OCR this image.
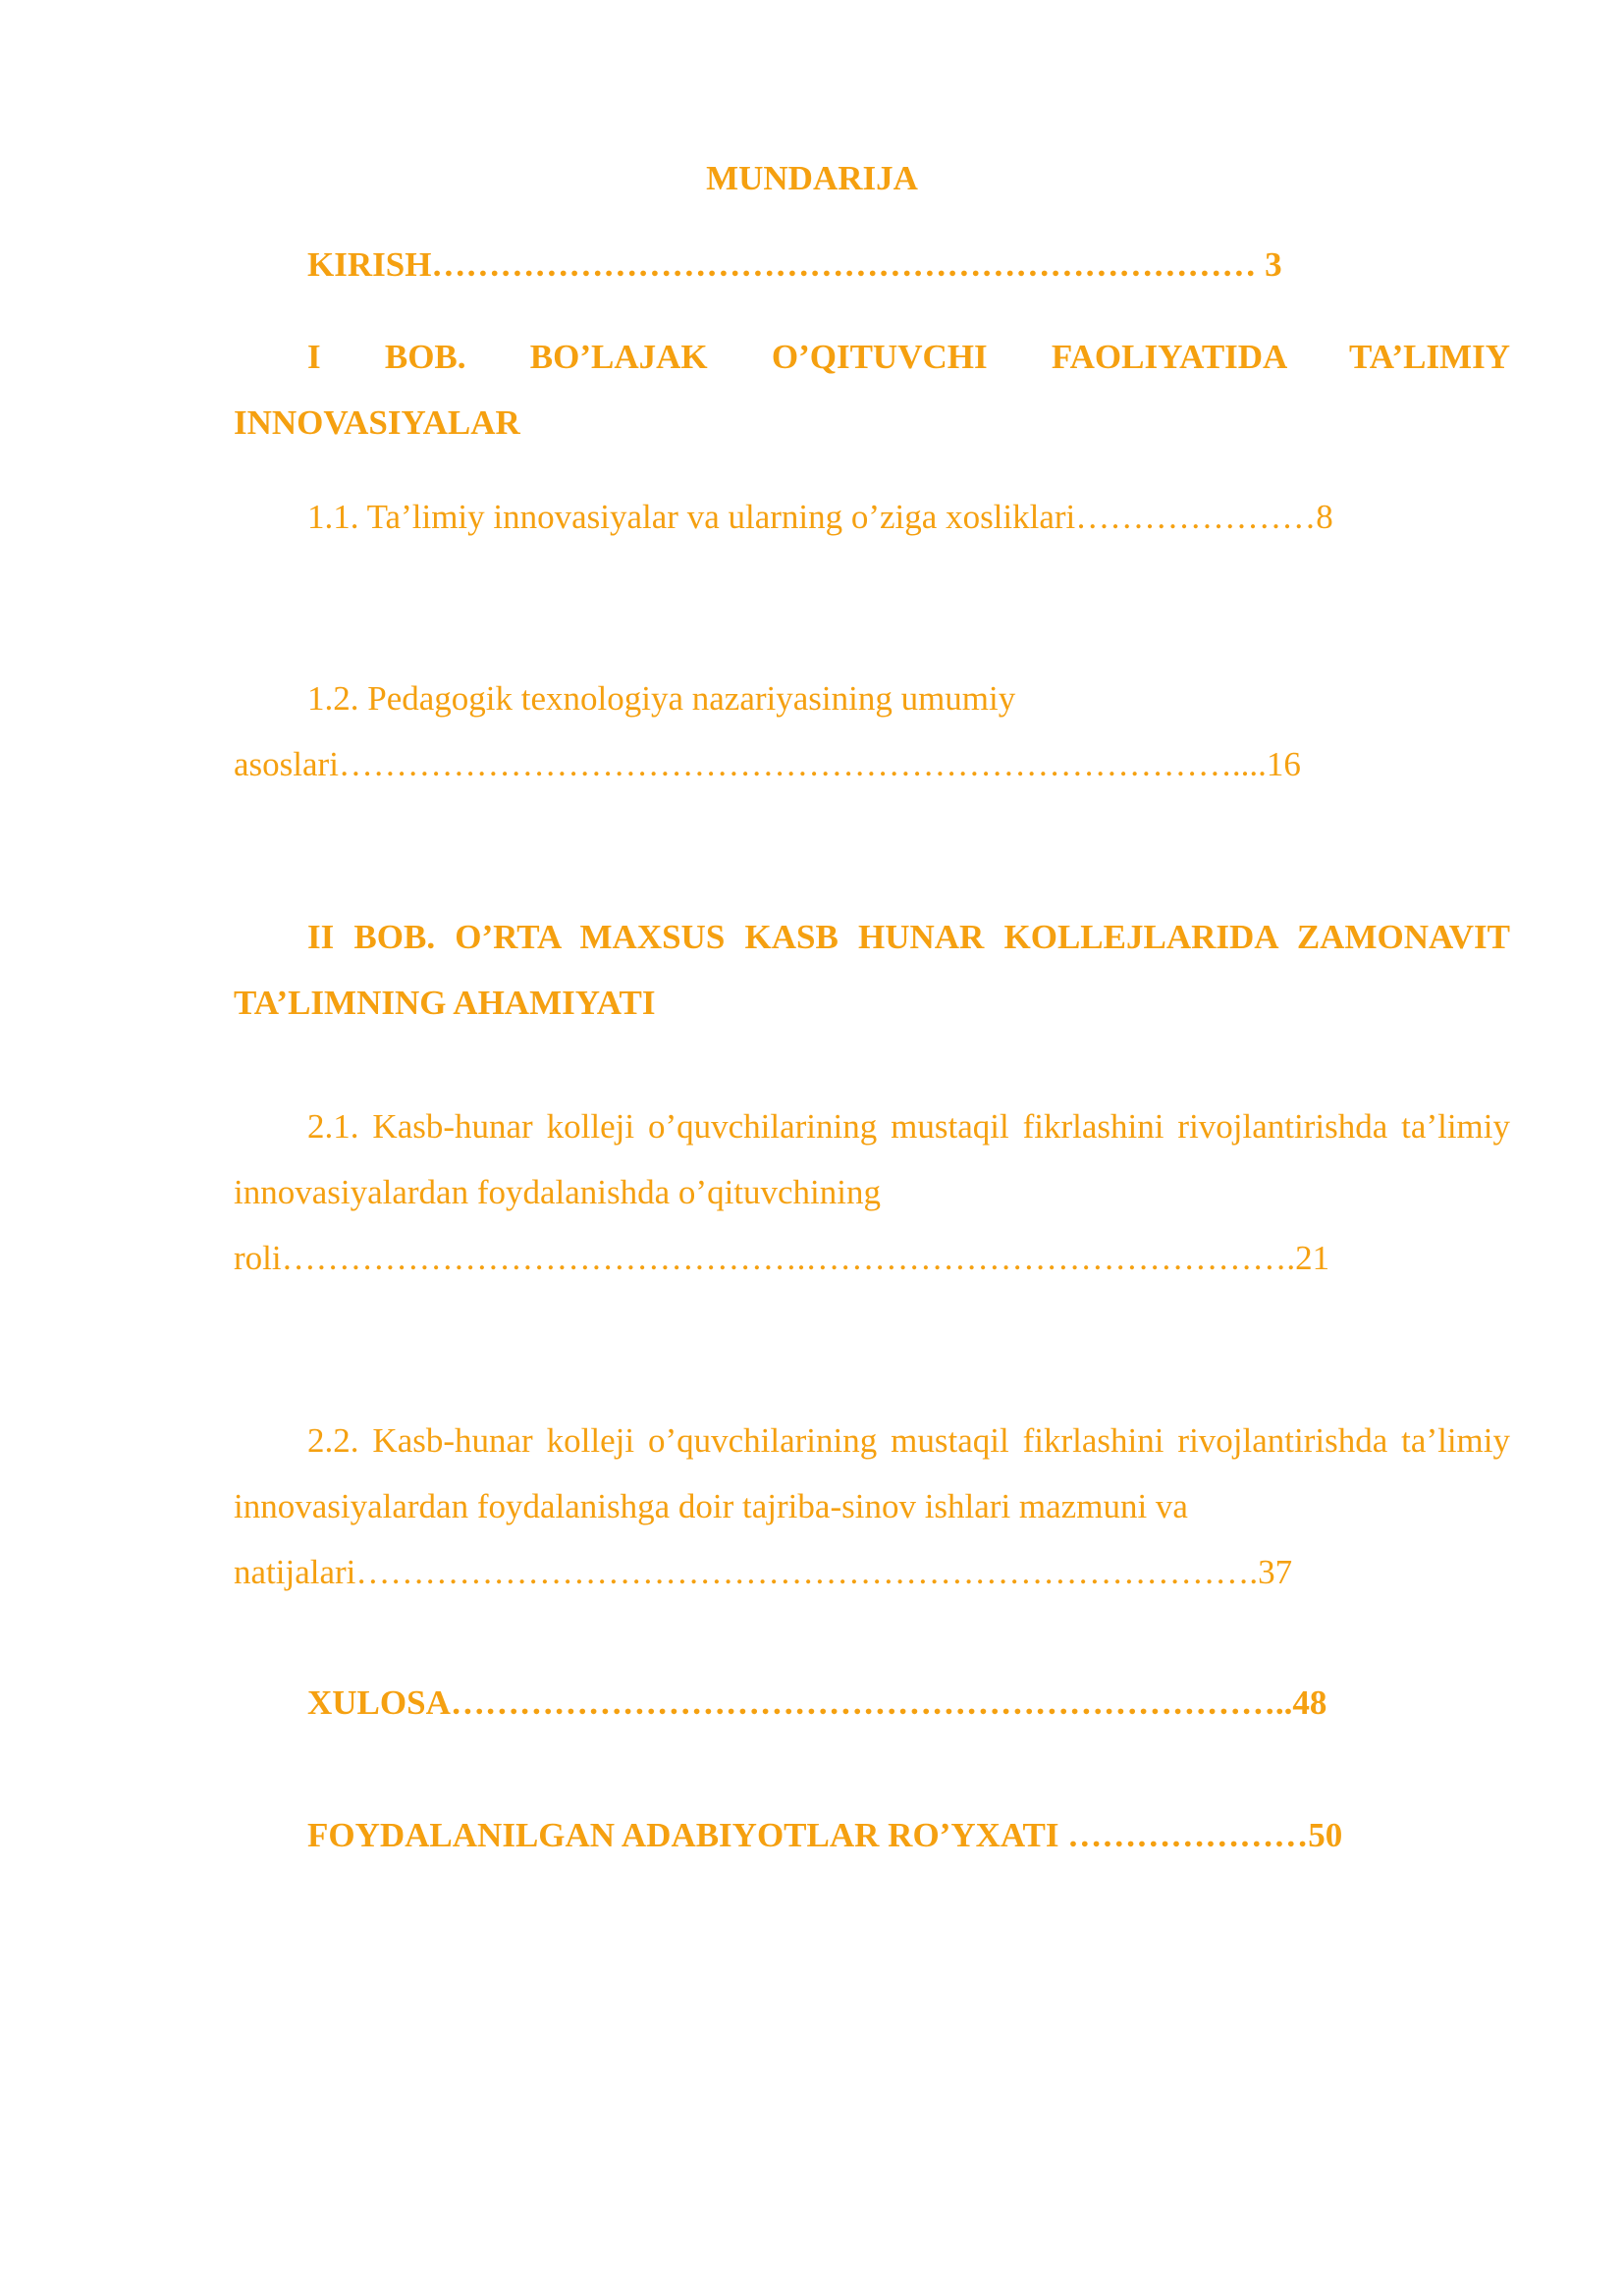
MUNDARIJA

KIRISH……………………………………………………………… 3

I BOB. BO’LAJAK O’QITUVCHI FAOLIYATIDA TA’LIMIY INNOVASIYALAR

1.1. Ta’limiy innovasiyalar va ularning o’ziga xosliklari…………………8

1.2. Pedagogik texnologiya nazariyasining umumiy

asoslari……………………………………………………………………....16

II BOB. O’RTA MAXSUS KASB HUNAR KOLLEJLARIDA ZAMONAVIT TA’LIMNING AHAMIYATI

2.1. Kasb-hunar kolleji o’quvchilarining mustaqil fikrlashini rivojlantirishda ta’limiy innovasiyalardan foydalanishda o’qituvchining

roli……………………………………….…………………………………….21

2.2. Kasb-hunar kolleji o’quvchilarining mustaqil fikrlashini rivojlantirishda ta’limiy innovasiyalardan foydalanishga doir tajriba-sinov ishlari mazmuni va

natijalari…………………………………………………………………….37

XULOSA………………………………………………………………..48

FOYDALANILGAN ADABIYOTLAR RO’YXATI …………………50
